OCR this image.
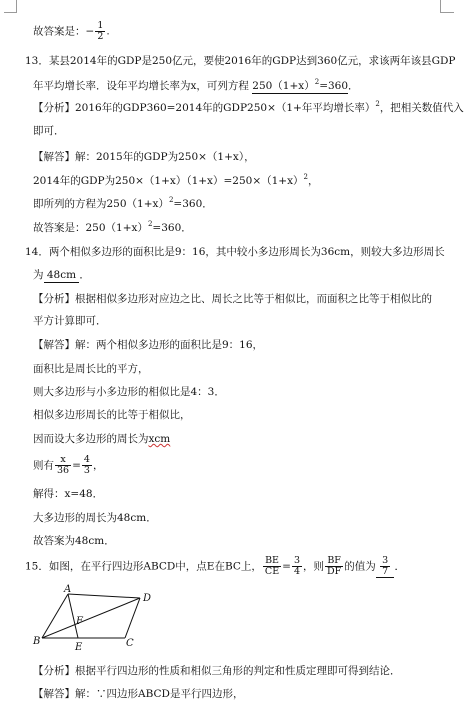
故答案是：− $\frac{1}{2}$ .
13．某县2014年的GDP是250亿元，要使2016年的GDP达到360亿元，求该两年该县GDP
年平均增长率．设年平均增长率为x，可列方程 $250(1+x)^2=360$．
【分析】2016年的GDP360=2014年的GDP250×（1+年平均增长率）$^2$，把相关数值代入
即可．
【解答】解：2015年的GDP为250×（1+x），
2014年的GDP为$250\times(1+x)(1+x)=250\times(1+x)^2$，
即所列的方程为$250(1+x)^2=360$．
故答案是：$250(1+x)^2=360$．
14．两个相似多边形的面积比是9：16，其中较小多边形周长为36cm，则较大多边形周长
为 48cm ．
【分析】根据相似多边形对应边之比、周长之比等于相似比，而面积之比等于相似比的
平方计算即可．
【解答】解：两个相似多边形的面积比是9：16，
面积比是周长比的平方，
则大多边形与小多边形的相似比是4：3．
相似多边形周长的比等于相似比，
因而设大多边形的周长为xcm
则有 $\frac{x}{36} = \frac{4}{3}$ ，
解得：x=48．
大多边形的周长为48cm．
故答案为48cm．
15．如图，在平行四边形ABCD中，点E在BC上， $\frac{BE}{CE} = \frac{3}{4}$ ，则 $\frac{BF}{DF}$ 的值为 $\frac{3}{7}$ ．
A
D
B
E	C
F
【分析】根据平行四边形的性质和相似三角形的判定和性质定理即可得到结论．
【解答】解：∵四边形ABCD是平行四边形，
